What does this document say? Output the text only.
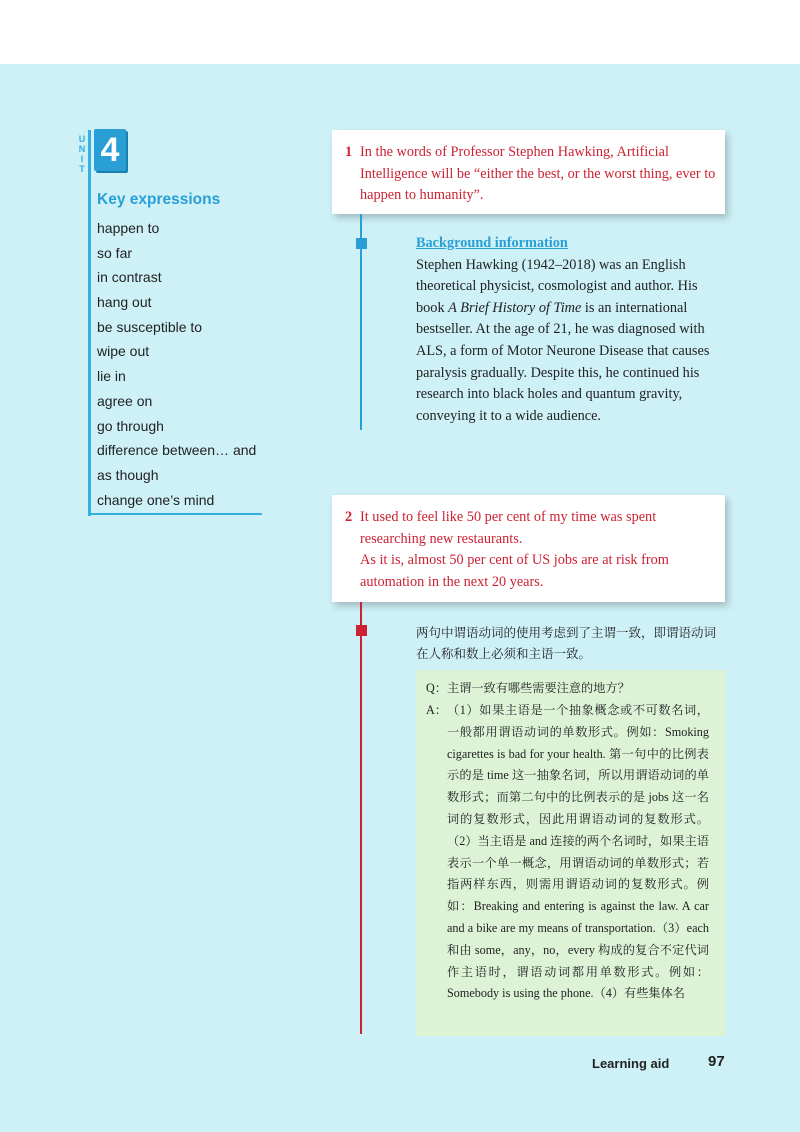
U
N
I
T 4
Key expressions
happen to
so far
in contrast
hang out
be susceptible to
wipe out
lie in
agree on
go through
difference between… and
as though
change one’s mind
1 In the words of Professor Stephen Hawking, Artificial Intelligence will be “either the best, or the worst thing, ever to happen to humanity”.
Background information
Stephen Hawking (1942–2018) was an English theoretical physicist, cosmologist and author. His book A Brief History of Time is an international bestseller. At the age of 21, he was diagnosed with ALS, a form of Motor Neurone Disease that causes paralysis gradually. Despite this, he continued his research into black holes and quantum gravity, conveying it to a wide audience.
2 It used to feel like 50 per cent of my time was spent researching new restaurants.
As it is, almost 50 per cent of US jobs are at risk from automation in the next 20 years.
两句中谓语动词的使用考虑到了主谓一致，即谓语动词在人称和数上必须和主语一致。
Q：主谓一致有哪些需要注意的地方？
A： （1）如果主语是一个抽象概念或不可数名词，一般都用谓语动词的单数形式。例如：Smoking cigarettes is bad for your health. 第一句中的比例表示的是 time 这一抽象名词，所以用谓语动词的单数形式；而第二句中的比例表示的是 jobs 这一名词的复数形式，因此用谓语动词的复数形式。（2）当主语是 and 连接的两个名词时，如果主语表示一个单一概念，用谓语动词的单数形式；若指两样东西，则需用谓语动词的复数形式。例如：Breaking and entering is against the law. A car and a bike are my means of transportation.（3）each 和由 some，any，no，every 构成的复合不定代词作主语时，谓语动词都用单数形式。例如：Somebody is using the phone.（4）有些集体名
Learning aid	97
